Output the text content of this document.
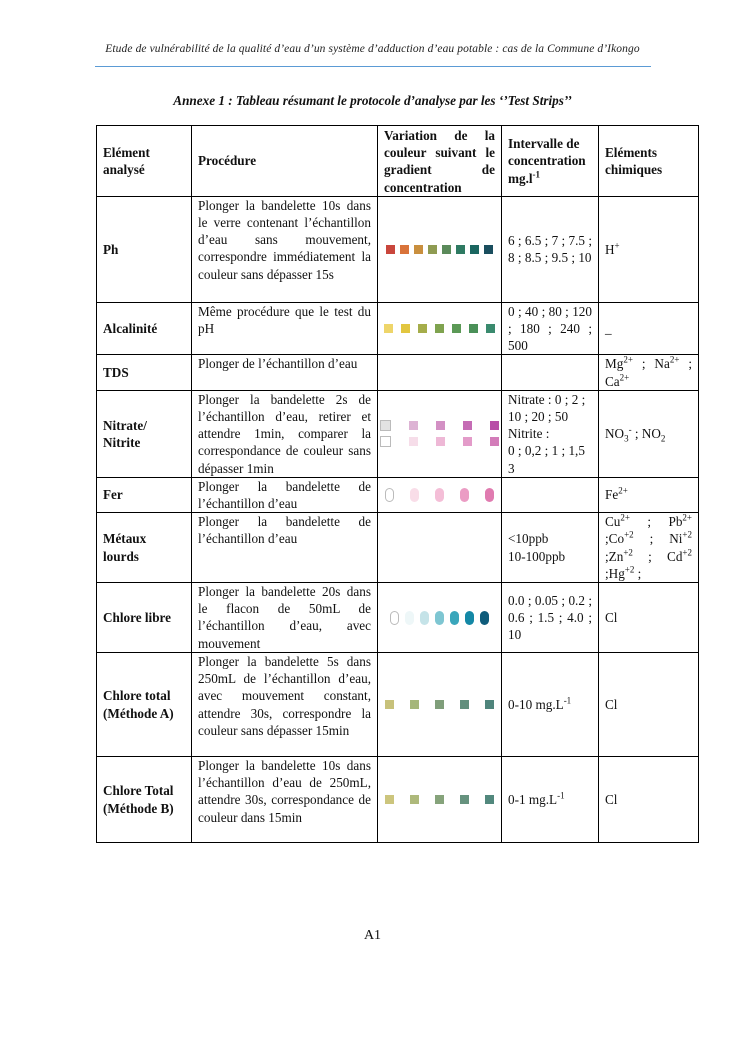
Etude de vulnérabilité de la qualité d’eau d’un système d’adduction d’eau potable : cas de la Commune d’Ikongo
Annexe 1 : Tableau résumant le protocole d’analyse par les ‘’Test Strips’’
Elément analysé	Procédure	Variation de la couleur suivant le gradient de concentration	Intervalle de concentration $mg.l^{-1}$	Eléments chimiques
Ph	Plonger la bandelette 10s dans le verre contenant l’échantillon d’eau sans mouvement, correspondre immédiatement la couleur sans dépasser 15s		6 ; 6.5 ; 7 ; 7.5 ; 8 ; 8.5 ; 9.5 ; 10	H+
Alcalinité	Même procédure que le test du pH		0 ; 40 ; 80 ; 120 ; 180 ; 240 ; 500	_
TDS	Plonger de l’échantillon d’eau			$Mg^{2+}$ ; $Na^{2+}$ ; $Ca^{2+}$
Nitrate/ Nitrite	Plonger la bandelette 2s de l’échantillon d’eau, retirer et attendre 1min, comparer la correspondance de couleur sans dépasser 1min		Nitrate : 0 ; 2 ;
10 ; 20 ; 50
Nitrite :
0 ; 0,2 ; 1 ; 1,5
3	$NO_3^-$ ; $NO_2$
Fer	Plonger la bandelette de l’échantillon d’eau			$Fe^{2+}$
Métaux lourds	Plonger la bandelette de l’échantillon d’eau		<10ppb
10-100ppb	$Cu^{2+}$ ; $Pb^{2+}$ $;Co^{+2}$ ; $Ni^{+2}$ $;Zn^{+2}$ ; $Cd^{+2}$ $;Hg^{+2}$ ;
Chlore libre	Plonger la bandelette 20s dans le flacon de 50mL de l’échantillon d’eau, avec mouvement		0.0 ; 0.05 ; 0.2 ; 0.6 ; 1.5 ; 4.0 ; 10	Cl
Chlore total (Méthode A)	Plonger la bandelette 5s dans 250mL de l’échantillon d’eau, avec mouvement constant, attendre 30s, correspondre la couleur sans dépasser 15min		0-10 $mg.L^{-1}$	Cl
Chlore Total (Méthode B)	Plonger la bandelette 10s dans l’échantillon d’eau de 250mL, attendre 30s, correspondance de couleur dans 15min		0-1 $mg.L^{-1}$	Cl
A1
